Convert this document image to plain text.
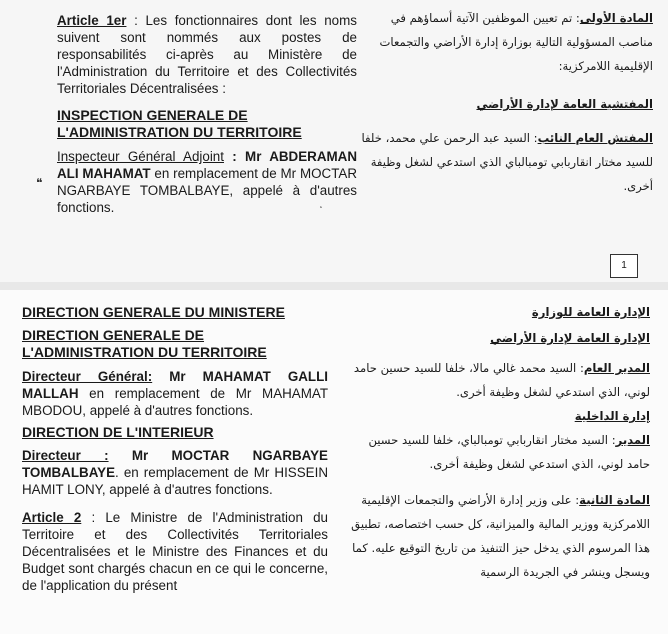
Article 1er : Les fonctionnaires dont les noms suivent sont nommés aux postes de responsabilités ci-après au Ministère de l'Administration du Territoire et des Collectivités Territoriales Décentralisées :

INSPECTION GENERALE DE L'ADMINISTRATION DU TERRITOIRE

Inspecteur Général Adjoint : Mr ABDERAMAN ALI MAHAMAT en remplacement de Mr MOCTAR NGARBAYE TOMBALBAYE, appelé à d'autres fonctions.

❝
˛

المادة الأولى: تم تعيين الموظفين الآتية أسماؤهم في مناصب المسؤولية التالية بوزارة إدارة الأراضي والتجمعات الإقليمية اللامركزية:

المفتشية العامة لإدارة الأراضي

المفتش العام النائب: السيد عبد الرحمن علي محمد، خلفا للسيد مختار انقاربابي تومبالباي الذي استدعي لشغل وظيفة أخرى.

1

DIRECTION GENERALE DU MINISTERE

DIRECTION GENERALE DE L'ADMINISTRATION DU TERRITOIRE

Directeur Général: Mr MAHAMAT GALLI MALLAH en remplacement de Mr MAHAMAT MBODOU, appelé à d'autres fonctions.

DIRECTION DE L'INTERIEUR

Directeur : Mr MOCTAR NGARBAYE TOMBALBAYE. en remplacement de Mr HISSEIN HAMIT LONY, appelé à d'autres fonctions.

Article 2 : Le Ministre de l'Administration du Territoire et des Collectivités Territoriales Décentralisées et le Ministre des Finances et du Budget sont chargés chacun en ce qui le concerne, de l'application du présent

الإدارة العامة للوزارة

الإدارة العامة لإدارة الأراضي

المدير العام: السيد محمد غالي مالا، خلفا للسيد حسين حامد لوني، الذي استدعي لشغل وظيفة أخرى.

إدارة الداخلية

المدير: السيد مختار انقاربابي تومبالباي، خلفا للسيد حسين حامد لوني، الذي استدعي لشغل وظيفة أخرى.

المادة الثانية: على وزير إدارة الأراضي والتجمعات الإقليمية اللامركزية ووزير المالية والميزانية، كل حسب اختصاصه، تطبيق هذا المرسوم الذي يدخل حيز التنفيذ من تاريخ التوقيع عليه. كما ويسجل وينشر في الجريدة الرسمية
